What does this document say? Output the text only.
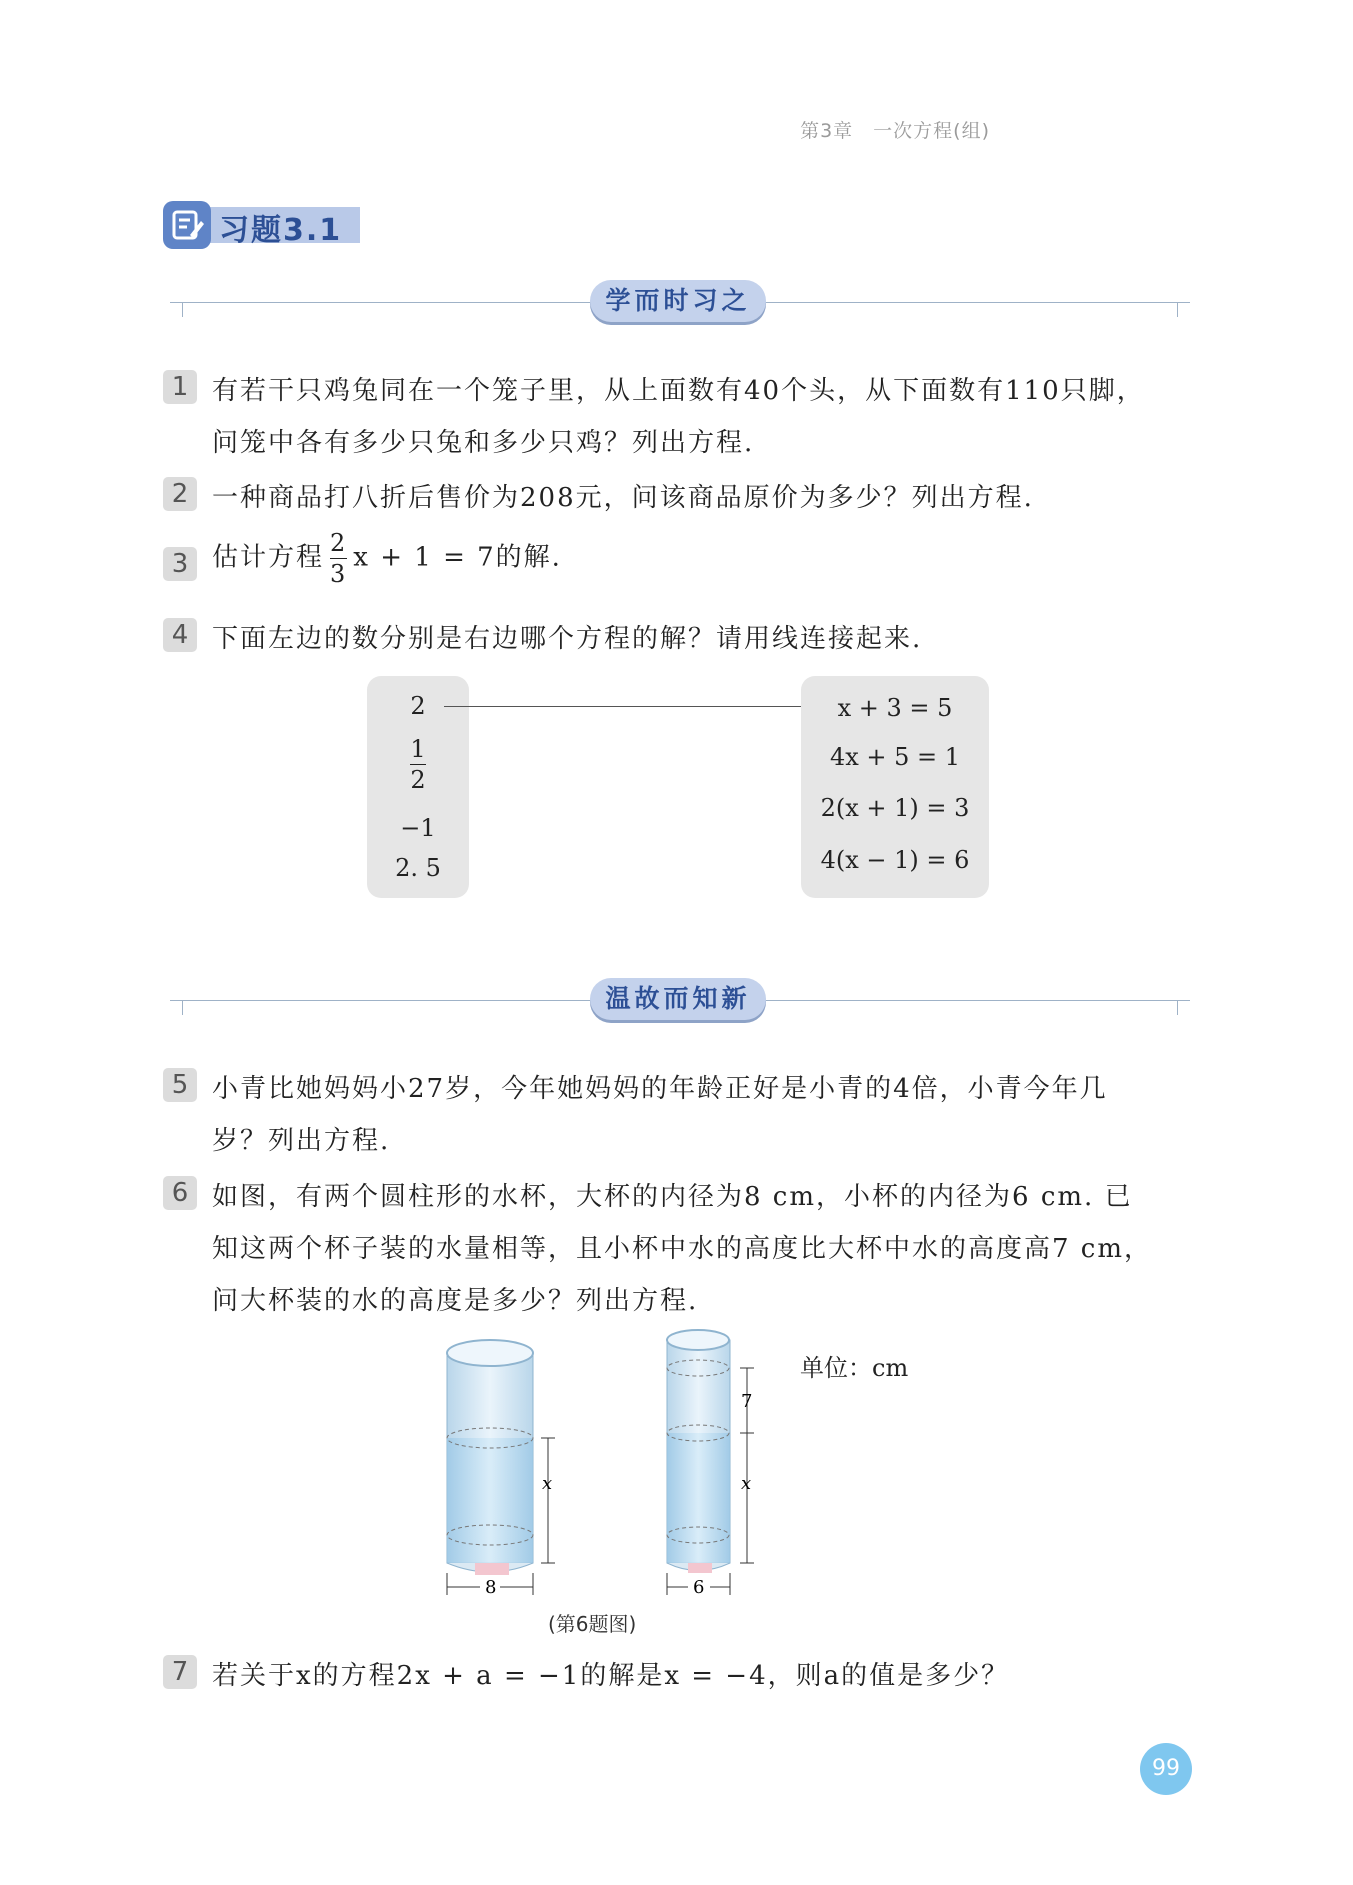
第3章　一次方程(组)
习题3.1
学而时习之
1 有若干只鸡兔同在一个笼子里，从上面数有40个头，从下面数有110只脚，
问笼中各有多少只兔和多少只鸡？列出方程.
2 一种商品打八折后售价为208元，问该商品原价为多少？列出方程.
3 估计方程 $\frac{2}{3}$ x + 1 = 7的解.
4 下面左边的数分别是右边哪个方程的解？请用线连接起来.
2
$\frac{1}{2}$
−1
2. 5
x + 3 = 5
4x + 5 = 1
2(x + 1) = 3
4(x − 1) = 6
温故而知新
5 小青比她妈妈小27岁，今年她妈妈的年龄正好是小青的4倍，小青今年几
岁？列出方程.
6 如图，有两个圆柱形的水杯，大杯的内径为8 cm，小杯的内径为6 cm. 已
知这两个杯子装的水量相等，且小杯中水的高度比大杯中水的高度高7 cm，
问大杯装的水的高度是多少？列出方程.
x
8
7
x
6
单位：cm
(第6题图)
7 若关于x的方程2x + a = −1的解是x = −4，则a的值是多少？
99
